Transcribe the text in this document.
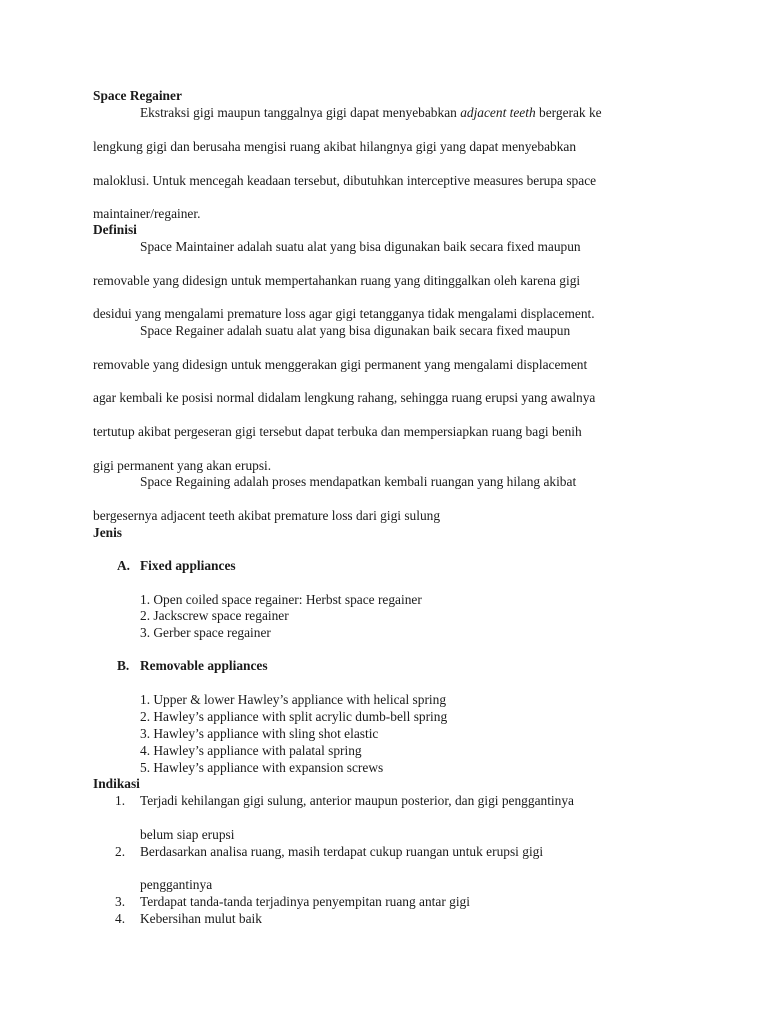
Space Regainer
Ekstraksi gigi maupun tanggalnya gigi dapat menyebabkan adjacent teeth bergerak ke
lengkung gigi dan berusaha mengisi ruang akibat hilangnya gigi yang dapat menyebabkan
maloklusi. Untuk mencegah keadaan tersebut, dibutuhkan interceptive measures berupa space
maintainer/regainer.
Definisi
Space Maintainer adalah suatu alat yang bisa digunakan baik secara fixed maupun
removable yang didesign untuk mempertahankan ruang yang ditinggalkan oleh karena gigi
desidui yang mengalami premature loss agar gigi tetangganya tidak mengalami displacement.
Space Regainer adalah suatu alat yang bisa digunakan baik secara fixed maupun
removable yang didesign untuk menggerakan gigi permanent yang mengalami displacement
agar kembali ke posisi normal didalam lengkung rahang, sehingga ruang erupsi yang awalnya
tertutup akibat pergeseran gigi tersebut dapat terbuka dan mempersiapkan ruang bagi benih
gigi permanent yang akan erupsi.
Space Regaining adalah proses mendapatkan kembali ruangan yang hilang akibat
bergesernya adjacent teeth akibat premature loss dari gigi sulung
Jenis
A. Fixed appliances
1. Open coiled space regainer: Herbst space regainer
2. Jackscrew space regainer
3. Gerber space regainer
B. Removable appliances
1. Upper & lower Hawley’s appliance with helical spring
2. Hawley’s appliance with split acrylic dumb-bell spring
3. Hawley’s appliance with sling shot elastic
4. Hawley’s appliance with palatal spring
5. Hawley’s appliance with expansion screws
Indikasi
1. Terjadi kehilangan gigi sulung, anterior maupun posterior, dan gigi penggantinya
belum siap erupsi
2. Berdasarkan analisa ruang, masih terdapat cukup ruangan untuk erupsi gigi
penggantinya
3. Terdapat tanda-tanda terjadinya penyempitan ruang antar gigi
4. Kebersihan mulut baik
